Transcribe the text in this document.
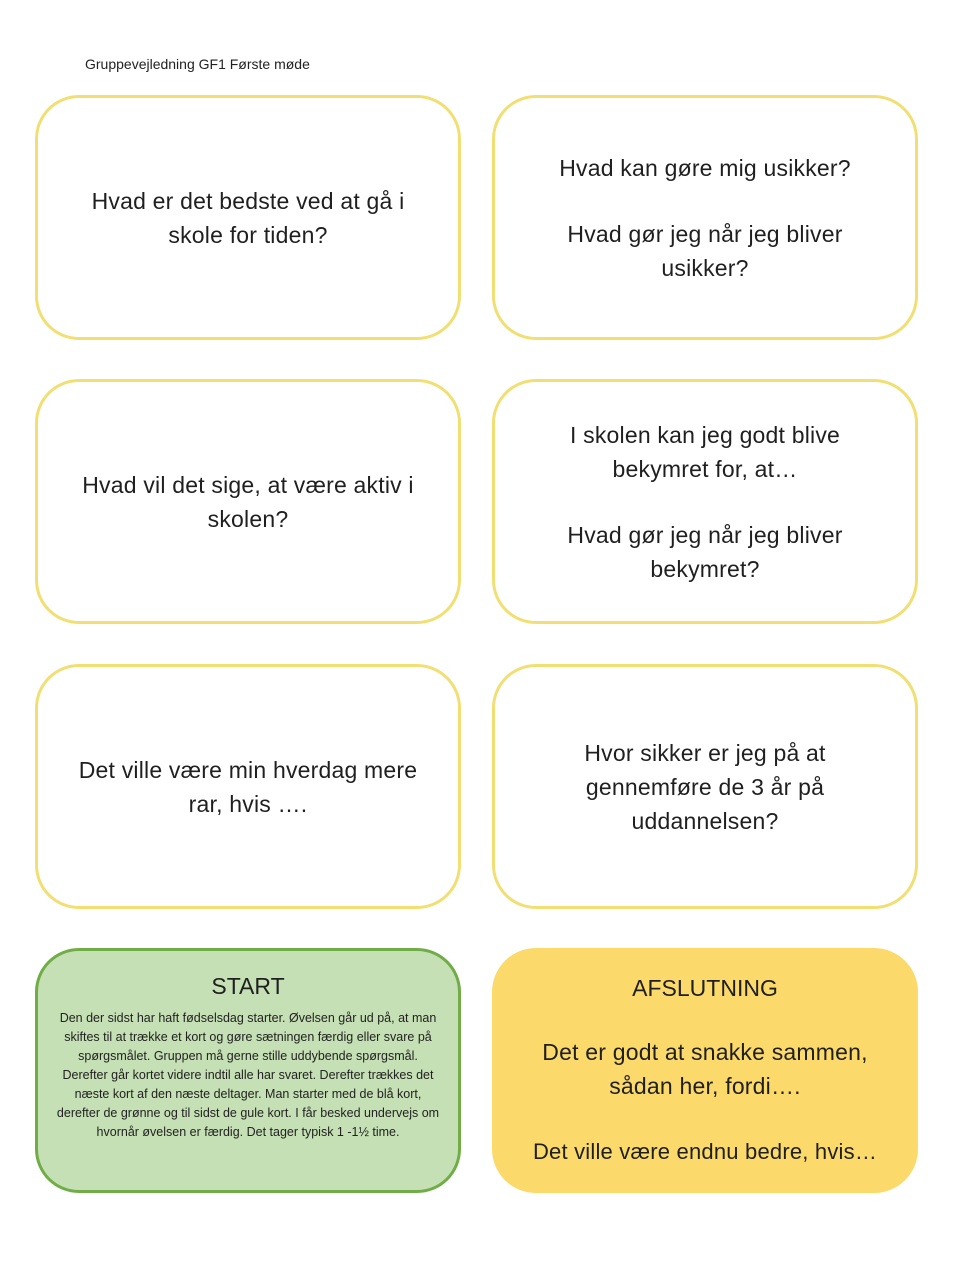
Gruppevejledning GF1 Første møde

Hvad er det bedste ved at gå i skole for tiden?

Hvad kan gøre mig usikker?

Hvad gør jeg når jeg bliver usikker?

Hvad vil det sige, at være aktiv i skolen?

I skolen kan jeg godt blive bekymret for, at…

Hvad gør jeg når jeg bliver bekymret?

Det ville være min hverdag mere rar, hvis ….

Hvor sikker er jeg på at gennemføre de 3 år på uddannelsen?

START

Den der sidst har haft fødselsdag starter. Øvelsen går ud på, at man skiftes til at trække et kort og gøre sætningen færdig eller svare på spørgsmålet. Gruppen må gerne stille uddybende spørgsmål. Derefter går kortet videre indtil alle har svaret. Derefter trækkes det næste kort af den næste deltager. Man starter med de blå kort, derefter de grønne og til sidst de gule kort. I får besked undervejs om hvornår øvelsen er færdig. Det tager typisk 1 -1½ time.

AFSLUTNING

Det er godt at snakke sammen, sådan her, fordi….

Det ville være endnu bedre, hvis…
